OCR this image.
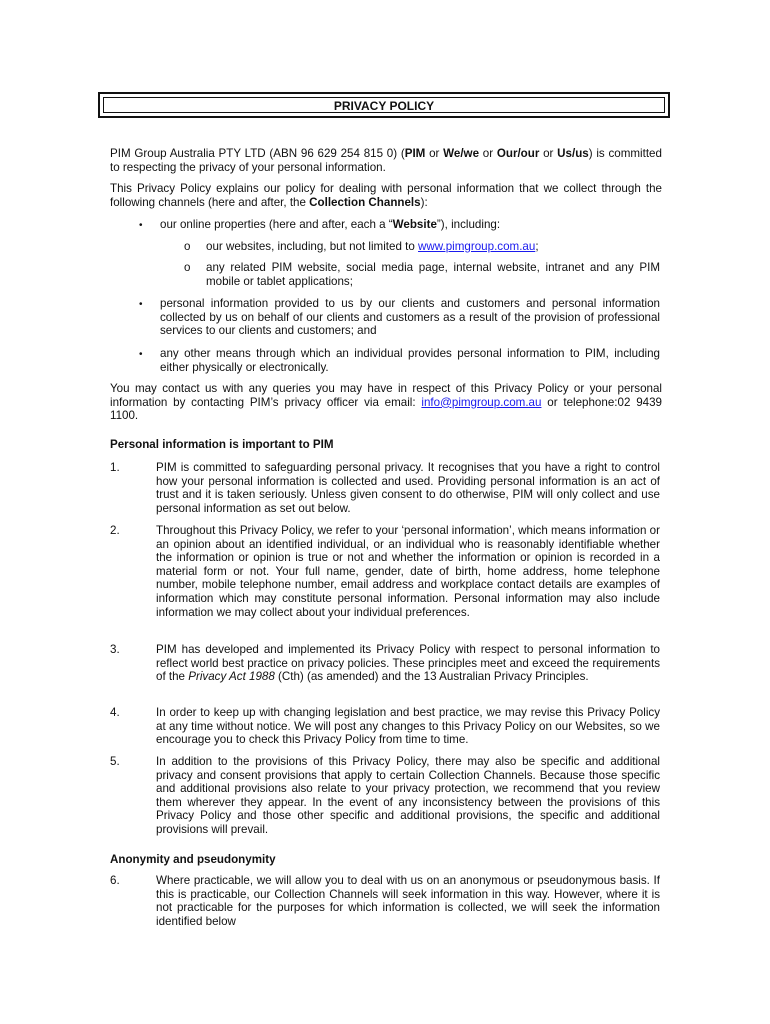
PRIVACY POLICY
PIM Group Australia PTY LTD (ABN 96 629 254 815 0) (PIM or We/we or Our/our or Us/us) is committed to respecting the privacy of your personal information.
This Privacy Policy explains our policy for dealing with personal information that we collect through the following channels (here and after, the Collection Channels):
• our online properties (here and after, each a “Website”), including:
o our websites, including, but not limited to www.pimgroup.com.au;
o any related PIM website, social media page, internal website, intranet and any PIM mobile or tablet applications;
• personal information provided to us by our clients and customers and personal information collected by us on behalf of our clients and customers as a result of the provision of professional services to our clients and customers; and
• any other means through which an individual provides personal information to PIM, including either physically or electronically.
You may contact us with any queries you may have in respect of this Privacy Policy or your personal information by contacting PIM’s privacy officer via email: info@pimgroup.com.au or telephone:02 9439 1100.
Personal information is important to PIM
1.	PIM is committed to safeguarding personal privacy. It recognises that you have a right to control how your personal information is collected and used. Providing personal information is an act of trust and it is taken seriously. Unless given consent to do otherwise, PIM will only collect and use personal information as set out below.
2.	Throughout this Privacy Policy, we refer to your ‘personal information’, which means information or an opinion about an identified individual, or an individual who is reasonably identifiable whether the information or opinion is true or not and whether the information or opinion is recorded in a material form or not. Your full name, gender, date of birth, home address, home telephone number, mobile telephone number, email address and workplace contact details are examples of information which may constitute personal information. Personal information may also include information we may collect about your individual preferences.
3.	PIM has developed and implemented its Privacy Policy with respect to personal information to reflect world best practice on privacy policies. These principles meet and exceed the requirements of the Privacy Act 1988 (Cth) (as amended) and the 13 Australian Privacy Principles.
4.	In order to keep up with changing legislation and best practice, we may revise this Privacy Policy at any time without notice. We will post any changes to this Privacy Policy on our Websites, so we encourage you to check this Privacy Policy from time to time.
5.	In addition to the provisions of this Privacy Policy, there may also be specific and additional privacy and consent provisions that apply to certain Collection Channels. Because those specific and additional provisions also relate to your privacy protection, we recommend that you review them wherever they appear. In the event of any inconsistency between the provisions of this Privacy Policy and those other specific and additional provisions, the specific and additional provisions will prevail.
Anonymity and pseudonymity
6.	Where practicable, we will allow you to deal with us on an anonymous or pseudonymous basis. If this is practicable, our Collection Channels will seek information in this way. However, where it is not practicable for the purposes for which information is collected, we will seek the information identified below
